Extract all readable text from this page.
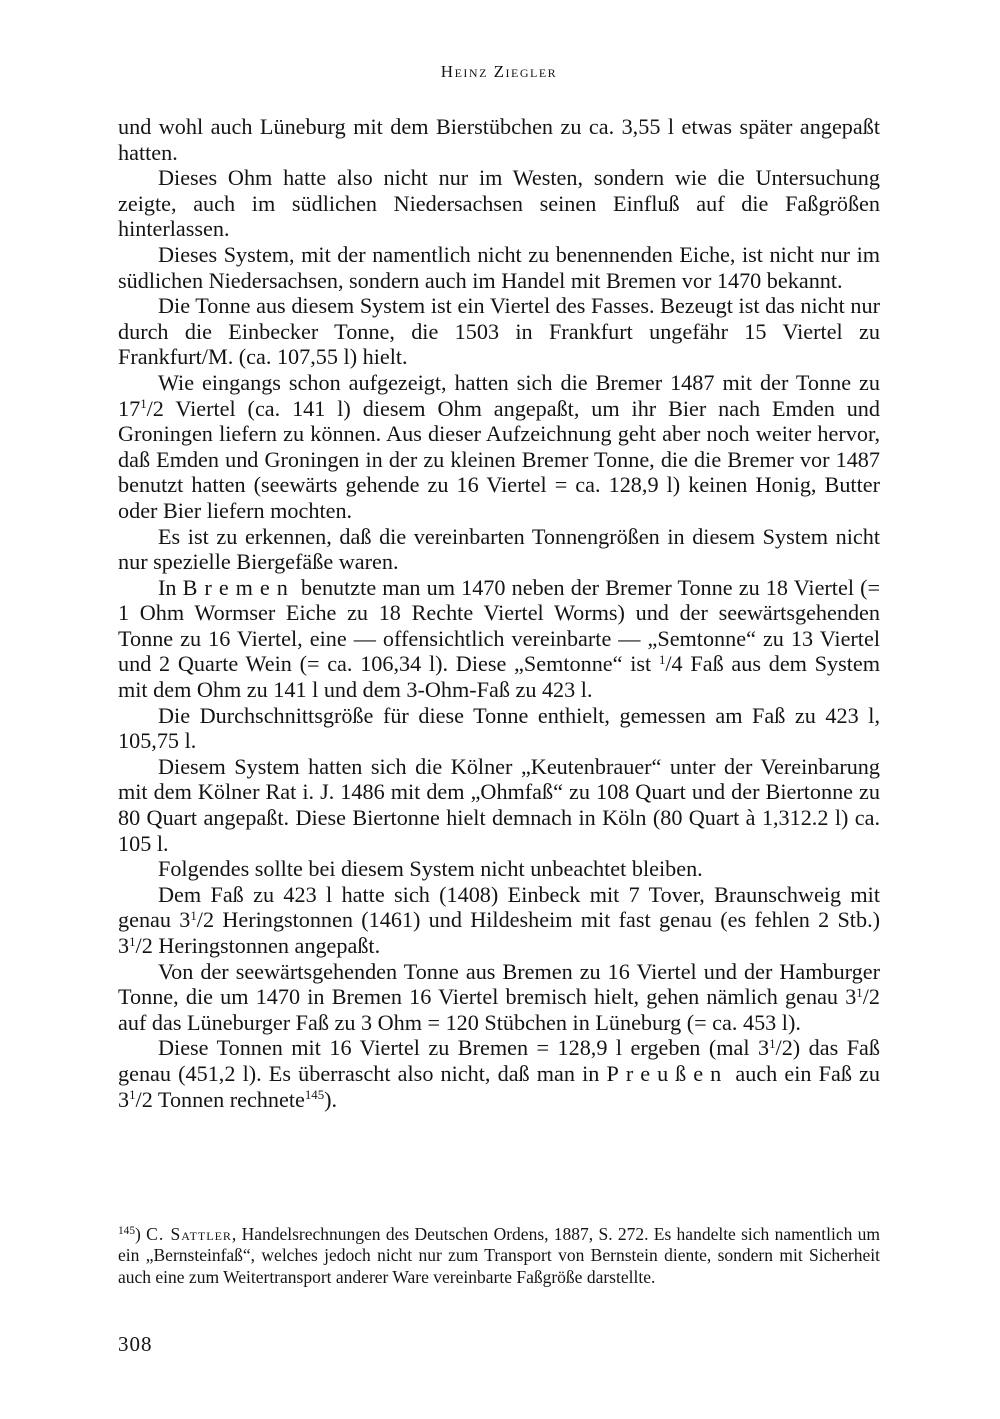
Heinz Ziegler

und wohl auch Lüneburg mit dem Bierstübchen zu ca. 3,55 l etwas später angepaßt hatten.

Dieses Ohm hatte also nicht nur im Westen, sondern wie die Untersuchung zeigte, auch im südlichen Niedersachsen seinen Einfluß auf die Faßgrößen hinterlassen.

Dieses System, mit der namentlich nicht zu benennenden Eiche, ist nicht nur im südlichen Niedersachsen, sondern auch im Handel mit Bremen vor 1470 bekannt.

Die Tonne aus diesem System ist ein Viertel des Fasses. Bezeugt ist das nicht nur durch die Einbecker Tonne, die 1503 in Frankfurt ungefähr 15 Viertel zu Frankfurt/M. (ca. 107,55 l) hielt.

Wie eingangs schon aufgezeigt, hatten sich die Bremer 1487 mit der Tonne zu $17^1/2$ Viertel (ca. 141 l) diesem Ohm angepaßt, um ihr Bier nach Emden und Groningen liefern zu können. Aus dieser Aufzeichnung geht aber noch weiter hervor, daß Emden und Groningen in der zu kleinen Bremer Tonne, die die Bremer vor 1487 benutzt hatten (seewärts gehende zu 16 Viertel = ca. 128,9 l) keinen Honig, Butter oder Bier liefern mochten.

Es ist zu erkennen, daß die vereinbarten Tonnengrößen in diesem System nicht nur spezielle Biergefäße waren.

In Bremen benutzte man um 1470 neben der Bremer Tonne zu 18 Viertel (= 1 Ohm Wormser Eiche zu 18 Rechte Viertel Worms) und der seewärtsgehenden Tonne zu 16 Viertel, eine — offensichtlich vereinbarte — „Semtonne“ zu 13 Viertel und 2 Quarte Wein (= ca. 106,34 l). Diese „Semtonne“ ist $^1$/4 Faß aus dem System mit dem Ohm zu 141 l und dem 3-Ohm-Faß zu 423 l.

Die Durchschnittsgröße für diese Tonne enthielt, gemessen am Faß zu 423 l, 105,75 l.

Diesem System hatten sich die Kölner „Keutenbrauer“ unter der Vereinbarung mit dem Kölner Rat i. J. 1486 mit dem „Ohmfaß“ zu 108 Quart und der Biertonne zu 80 Quart angepaßt. Diese Biertonne hielt demnach in Köln (80 Quart à 1,312.2 l) ca. 105 l.

Folgendes sollte bei diesem System nicht unbeachtet bleiben.

Dem Faß zu 423 l hatte sich (1408) Einbeck mit 7 Tover, Braunschweig mit genau $3^1/2$ Heringstonnen (1461) und Hildesheim mit fast genau (es fehlen 2 Stb.) $3^1/2$ Heringstonnen angepaßt.

Von der seewärtsgehenden Tonne aus Bremen zu 16 Viertel und der Hamburger Tonne, die um 1470 in Bremen 16 Viertel bremisch hielt, gehen nämlich genau $3^1/2$ auf das Lüneburger Faß zu 3 Ohm = 120 Stübchen in Lüneburg (= ca. 453 l).

Diese Tonnen mit 16 Viertel zu Bremen = 128,9 l ergeben (mal $3^1/2$) das Faß genau (451,2 l). Es überrascht also nicht, daß man in Preußen auch ein Faß zu $3^1/2$ Tonnen rechnete$^{145}$).

$^{145}$) C. Sattler, Handelsrechnungen des Deutschen Ordens, 1887, S. 272. Es handelte sich namentlich um ein „Bernsteinfaß“, welches jedoch nicht nur zum Transport von Bernstein diente, sondern mit Sicherheit auch eine zum Weitertransport anderer Ware vereinbarte Faßgröße darstellte.

308
